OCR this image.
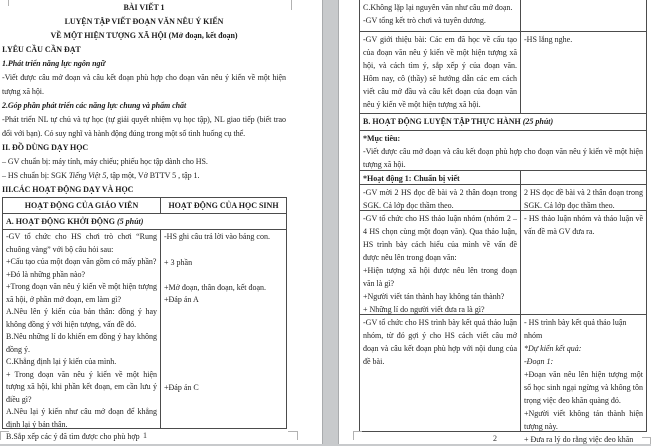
BÀI VIẾT 1

LUYỆN TẬP VIẾT ĐOẠN VĂN NÊU Ý KIẾN

VỀ MỘT HIỆN TƯỢNG XÃ HỘI (Mở đoạn, kết đoạn)

I.YÊU CẦU CẦN ĐẠT

1.Phát triển năng lực ngôn ngữ

-Viết được câu mở đoạn và câu kết đoạn phù hợp cho đoạn văn nêu ý kiến về một hiện tượng xã hội.

2.Góp phần phát triển các năng lực chung và phẩm chất

-Phát triển NL tự chủ và tự học (tự giải quyết nhiệm vụ học tập), NL giao tiếp (biết trao đổi với bạn). Có suy nghĩ và hành động đúng trong một số tình huống cụ thể.

II. ĐỒ DÙNG DẠY HỌC

– GV chuẩn bị: máy tính, máy chiếu; phiếu học tập dành cho HS.

– HS chuẩn bị: SGK Tiếng Việt 5, tập một, Vở BTTV 5 , tập 1.

III.CÁC HOẠT ĐỘNG DẠY VÀ HỌC

HOẠT ĐỘNG CỦA GIÁO VIÊN	HOẠT ĐỘNG CỦA HỌC SINH
A. HOẠT ĐỘNG KHỞI ĐỘNG (5 phút)

-GV tổ chức cho HS chơi trò chơi “Rung chuông vàng” với bộ câu hỏi sau:

+Cấu tạo của một đoạn văn gồm có mấy phần?

+Đó là những phần nào?

+Trong đoạn văn nêu ý kiến về một hiện tượng xã hội, ở phần mở đoạn, em làm gì?

A.Nêu lên ý kiến của bản thân: đồng ý hay không đồng ý với hiện tượng, vấn đề đó.

B.Nêu những lí do khiến em đồng ý hay không đồng ý.

C.Khẳng định lại ý kiến của mình.

+ Trong đoạn văn nêu ý kiến về một hiện tượng xã hội, khi phần kết đoạn, em cần lưu ý điều gì?

A.Nêu lại ý kiến như câu mở đoạn để khẳng định lại ý bản thân.

B.Sắp xếp các ý đã tìm được cho phù hợp

-HS ghi câu trả lời vào bảng con.

+ 3 phần

+Mở đoạn, thân đoạn, kết đoạn.

+Đáp án A

+Đáp án C

1

C.Không lặp lại nguyên văn như câu mở đoạn.

-GV tổng kết trò chơi và tuyên dương.

-GV giới thiệu bài: Các em đã học về cấu tạo của đoạn văn nêu ý kiến về một hiện tượng xã hội, và cách tìm ý, sắp xếp ý của đoạn văn. Hôm nay, cô (thầy) sẽ hướng dẫn các em cách viết câu mở đầu và câu kết đoạn của đoạn văn nêu ý kiến về một hiện tượng xã hội.

-HS lắng nghe.

B. HOẠT ĐỘNG LUYỆN TẬP THỰC HÀNH (25 phút)

*Mục tiêu:

-Viết được câu mở đoạn và câu kết đoạn phù hợp cho đoạn văn nêu ý kiến về một hiện tượng xã hội.

*Hoạt động 1: Chuẩn bị viết

-GV mời 2 HS đọc đề bài và 2 thân đoạn trong SGK. Cả lớp đọc thầm theo.

2 HS đọc đề bài và 2 thân đoạn trong SGK. Cả lớp đọc thầm theo.

-GV tổ chức cho HS thảo luận nhóm (nhóm 2 – 4 HS chọn cùng một đoạn văn). Qua thảo luận, HS trình bày cách hiểu của mình về vấn đề được nêu lên trong đoạn văn:

+Hiện tượng xã hội được nêu lên trong đoạn văn là gì?

+Người viết tán thành hay không tán thành?

+ Những lí do người viết đưa ra là gì?

- HS thảo luận nhóm và thảo luận về vấn đề mà GV đưa ra.

-GV tổ chức cho HS trình bày kết quả thảo luận nhóm, từ đó gợi ý cho HS cách viết câu mở đoạn và câu kết đoạn phù hợp với nội dung của đề bài.

- HS trình bày kết quả thảo luận nhóm

*Dự kiến kết quả:

-Đoạn 1:

+Đoạn văn nêu lên hiện tượng một số học sinh ngại ngừng và không tôn trọng việc đeo khăn quàng đỏ.

+Người viết không tán thành hiện tượng này.

+ Đưa ra lý do rằng việc đeo khăn

2
